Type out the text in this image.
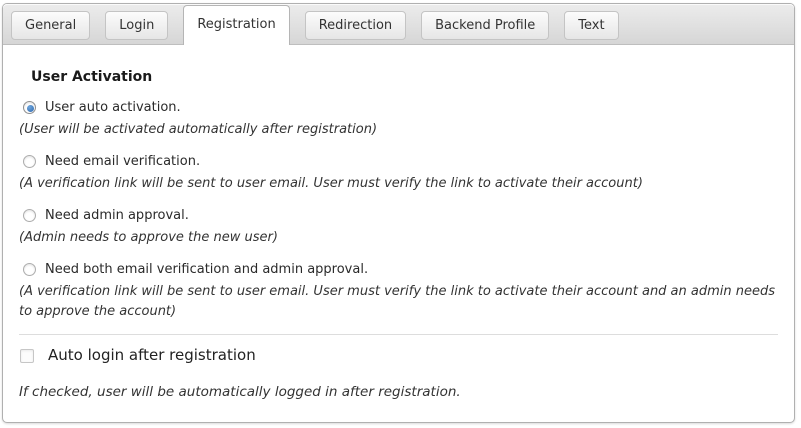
General	Login	Registration	Redirection	Backend Profile	Text
User Activation
User auto activation.
(User will be activated automatically after registration)
Need email verification.
(A verification link will be sent to user email. User must verify the link to activate their account)
Need admin approval.
(Admin needs to approve the new user)
Need both email verification and admin approval.
(A verification link will be sent to user email. User must verify the link to activate their account and an admin needs to approve the account)
Auto login after registration
If checked, user will be automatically logged in after registration.
